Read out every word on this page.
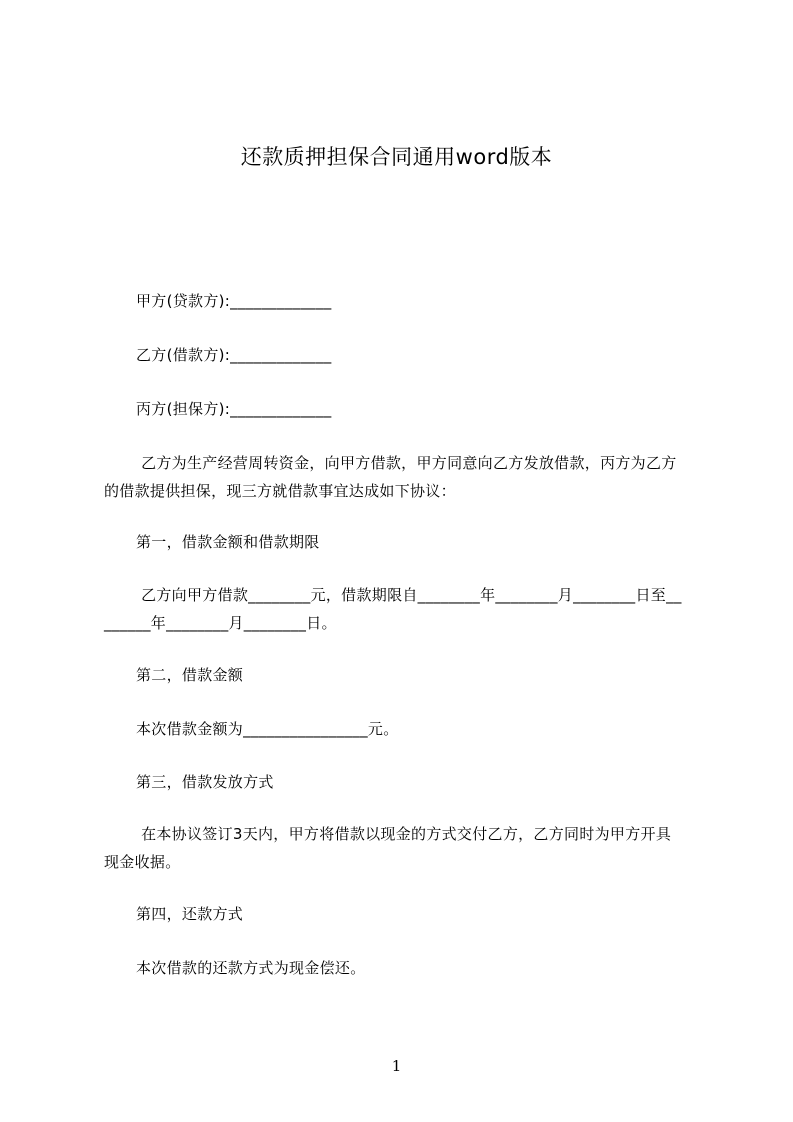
还款质押担保合同通用word版本
甲方(贷款方):_____________
乙方(借款方):_____________
丙方(担保方):_____________
乙方为生产经营周转资金，向甲方借款，甲方同意向乙方发放借款，丙方为乙方
的借款提供担保，现三方就借款事宜达成如下协议：
第一，借款金额和借款期限
乙方向甲方借款________元，借款期限自________年________月________日至__
______年________月________日。
第二，借款金额
本次借款金额为________________元。
第三，借款发放方式
在本协议签订3天内，甲方将借款以现金的方式交付乙方，乙方同时为甲方开具
现金收据。
第四，还款方式
本次借款的还款方式为现金偿还。
1
